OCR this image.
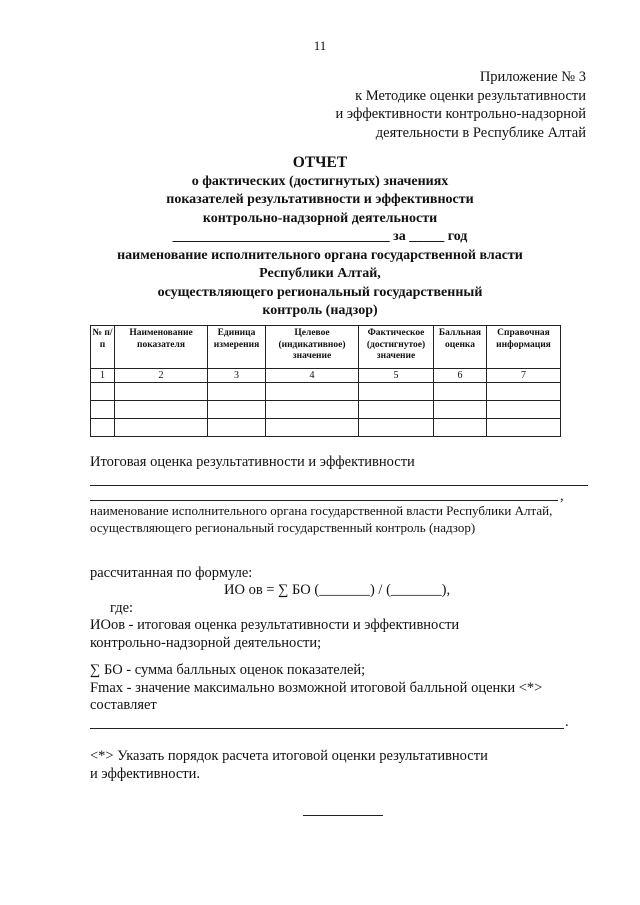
11
Приложение № 3
к Методике оценки результативности
и эффективности контрольно-надзорной
деятельности в Республике Алтай
ОТЧЕТ
о фактических (достигнутых) значениях
показателей результативности и эффективности
контрольно-надзорной деятельности
_______________________________ за _____ год
наименование исполнительного органа государственной власти
Республики Алтай,
осуществляющего региональный государственный
контроль (надзор)
№ п/п	Наименование показателя	Единица измерения	Целевое (индикативное) значение	Фактическое (достигнутое) значение	Балльная оценка	Справочная информация
1	2	3	4	5	6	7

Итоговая оценка результативности и эффективности
,
наименование исполнительного органа государственной власти Республики Алтай,
осуществляющего региональный государственный контроль (надзор)
рассчитанная по формуле:
ИО ов = ∑ БО (_______) / (_______),
где:
ИОов - итоговая оценка результативности и эффективности
контрольно-надзорной деятельности;
∑ БО - сумма балльных оценок показателей;
Fmax - значение максимально возможной итоговой балльной оценки <*>
составляет
.
<*> Указать порядок расчета итоговой оценки результативности
и эффективности.
